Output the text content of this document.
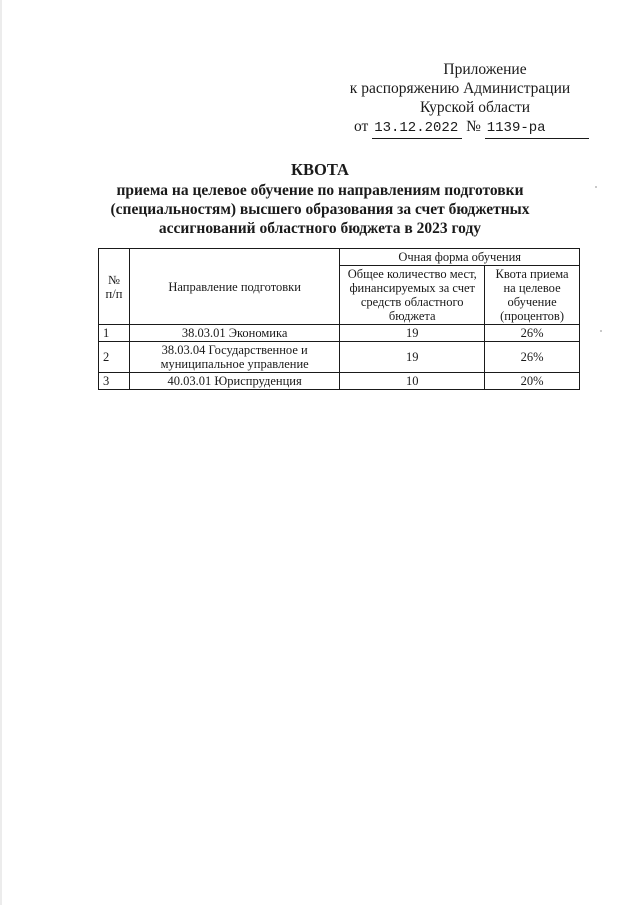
Приложение
к распоряжению Администрации
Курской области
от 13.12.2022 № 1139-ра
КВОТА
приема на целевое обучение по направлениям подготовки
(специальностям) высшего образования за счет бюджетных
ассигнований областного бюджета в 2023 году
№ п/п	Направление подготовки	Очная форма обучения	
		Общее количество мест, финансируемых за счет средств областного бюджета	Квота приема на целевое обучение (процентов)
1	38.03.01 Экономика	19	26%
2	38.03.04 Государственное и муниципальное управление	19	26%
3	40.03.01 Юриспруденция	10	20%
